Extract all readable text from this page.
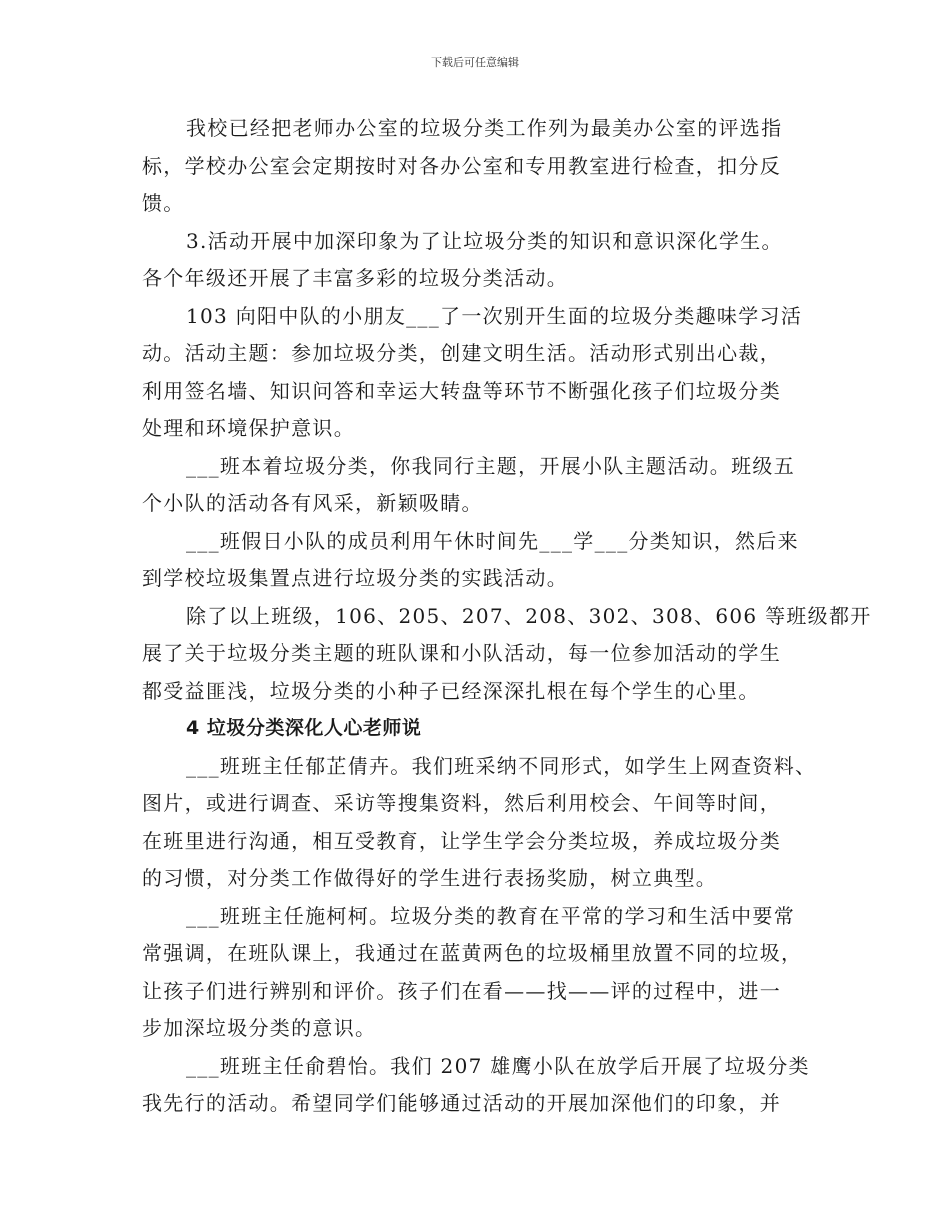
下载后可任意编辑
我校已经把老师办公室的垃圾分类工作列为最美办公室的评选指
标，学校办公室会定期按时对各办公室和专用教室进行检查，扣分反
馈。
3.活动开展中加深印象为了让垃圾分类的知识和意识深化学生。
各个年级还开展了丰富多彩的垃圾分类活动。
103 向阳中队的小朋友___了一次别开生面的垃圾分类趣味学习活
动。活动主题：参加垃圾分类，创建文明生活。活动形式别出心裁，
利用签名墙、知识问答和幸运大转盘等环节不断强化孩子们垃圾分类
处理和环境保护意识。
___班本着垃圾分类，你我同行主题，开展小队主题活动。班级五
个小队的活动各有风采，新颖吸睛。
___班假日小队的成员利用午休时间先___学___分类知识，然后来
到学校垃圾集置点进行垃圾分类的实践活动。
除了以上班级，106、205、207、208、302、308、606 等班级都开
展了关于垃圾分类主题的班队课和小队活动，每一位参加活动的学生
都受益匪浅，垃圾分类的小种子已经深深扎根在每个学生的心里。
4 垃圾分类深化人心老师说
___班班主任郁芷倩卉。我们班采纳不同形式，如学生上网查资料、
图片，或进行调查、采访等搜集资料，然后利用校会、午间等时间，
在班里进行沟通，相互受教育，让学生学会分类垃圾，养成垃圾分类
的习惯，对分类工作做得好的学生进行表扬奖励，树立典型。
___班班主任施柯柯。垃圾分类的教育在平常的学习和生活中要常
常强调，在班队课上，我通过在蓝黄两色的垃圾桶里放置不同的垃圾，
让孩子们进行辨别和评价。孩子们在看——找——评的过程中，进一
步加深垃圾分类的意识。
___班班主任俞碧怡。我们 207 雄鹰小队在放学后开展了垃圾分类
我先行的活动。希望同学们能够通过活动的开展加深他们的印象，并
